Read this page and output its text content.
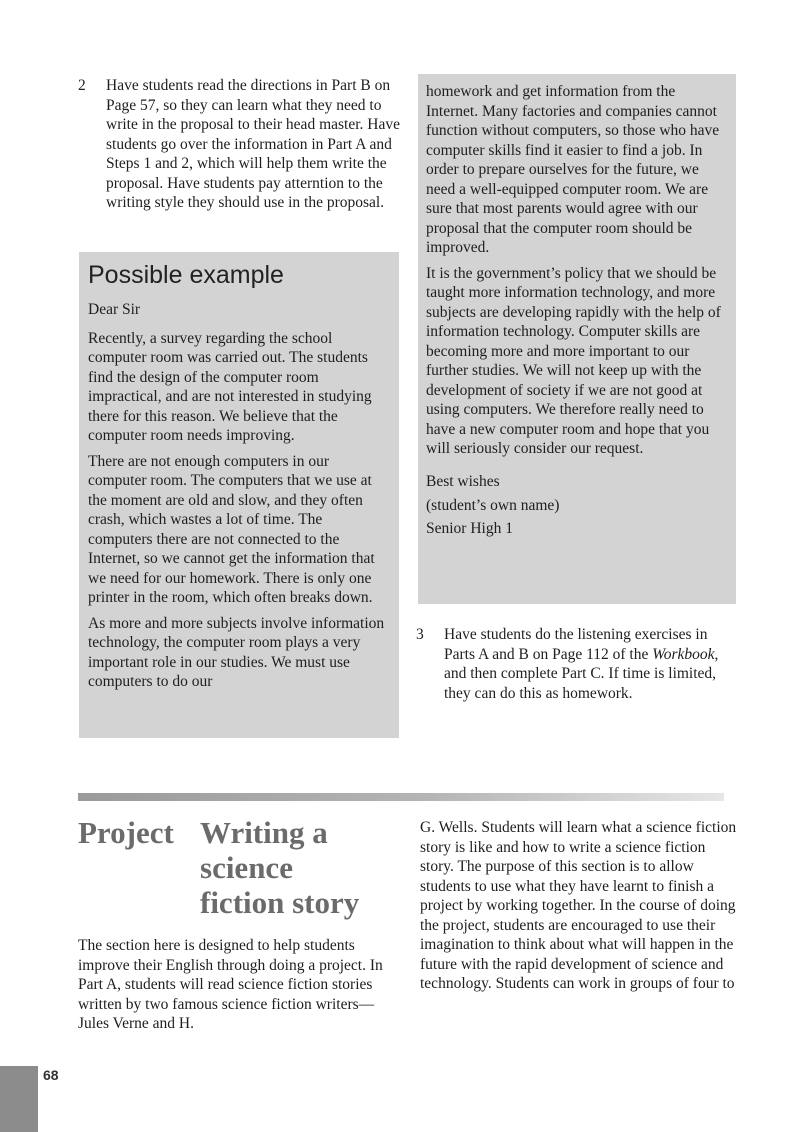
2 Have students read the directions in Part B on Page 57, so they can learn what they need to write in the proposal to their head master. Have students go over the information in Part A and Steps 1 and 2, which will help them write the proposal. Have students pay atterntion to the writing style they should use in the proposal.
Possible example

Dear Sir

Recently, a survey regarding the school computer room was carried out. The students find the design of the computer room impractical, and are not interested in studying there for this reason. We believe that the computer room needs improving.

There are not enough computers in our computer room. The computers that we use at the moment are old and slow, and they often crash, which wastes a lot of time. The computers there are not connected to the Internet, so we cannot get the information that we need for our homework. There is only one printer in the room, which often breaks down.

As more and more subjects involve information technology, the computer room plays a very important role in our studies. We must use computers to do our

homework and get information from the Internet. Many factories and companies cannot function without computers, so those who have computer skills find it easier to find a job. In order to prepare ourselves for the future, we need a well-equipped computer room. We are sure that most parents would agree with our proposal that the computer room should be improved.

It is the government’s policy that we should be taught more information technology, and more subjects are developing rapidly with the help of information technology. Computer skills are becoming more and more important to our further studies. We will not keep up with the development of society if we are not good at using computers. We therefore really need to have a new computer room and hope that you will seriously consider our request.

Best wishes

(student’s own name)

Senior High 1

3 Have students do the listening exercises in Parts A and B on Page 112 of the Workbook, and then complete Part C. If time is limited, they can do this as homework.
Project Writing a
science
fiction story
The section here is designed to help students improve their English through doing a project. In Part A, students will read science fiction stories written by two famous science fiction writers—Jules Verne and H.
G. Wells. Students will learn what a science fiction story is like and how to write a science fiction story. The purpose of this section is to allow students to use what they have learnt to finish a project by working together. In the course of doing the project, students are encouraged to use their imagination to think about what will happen in the future with the rapid development of science and technology. Students can work in groups of four to
68
